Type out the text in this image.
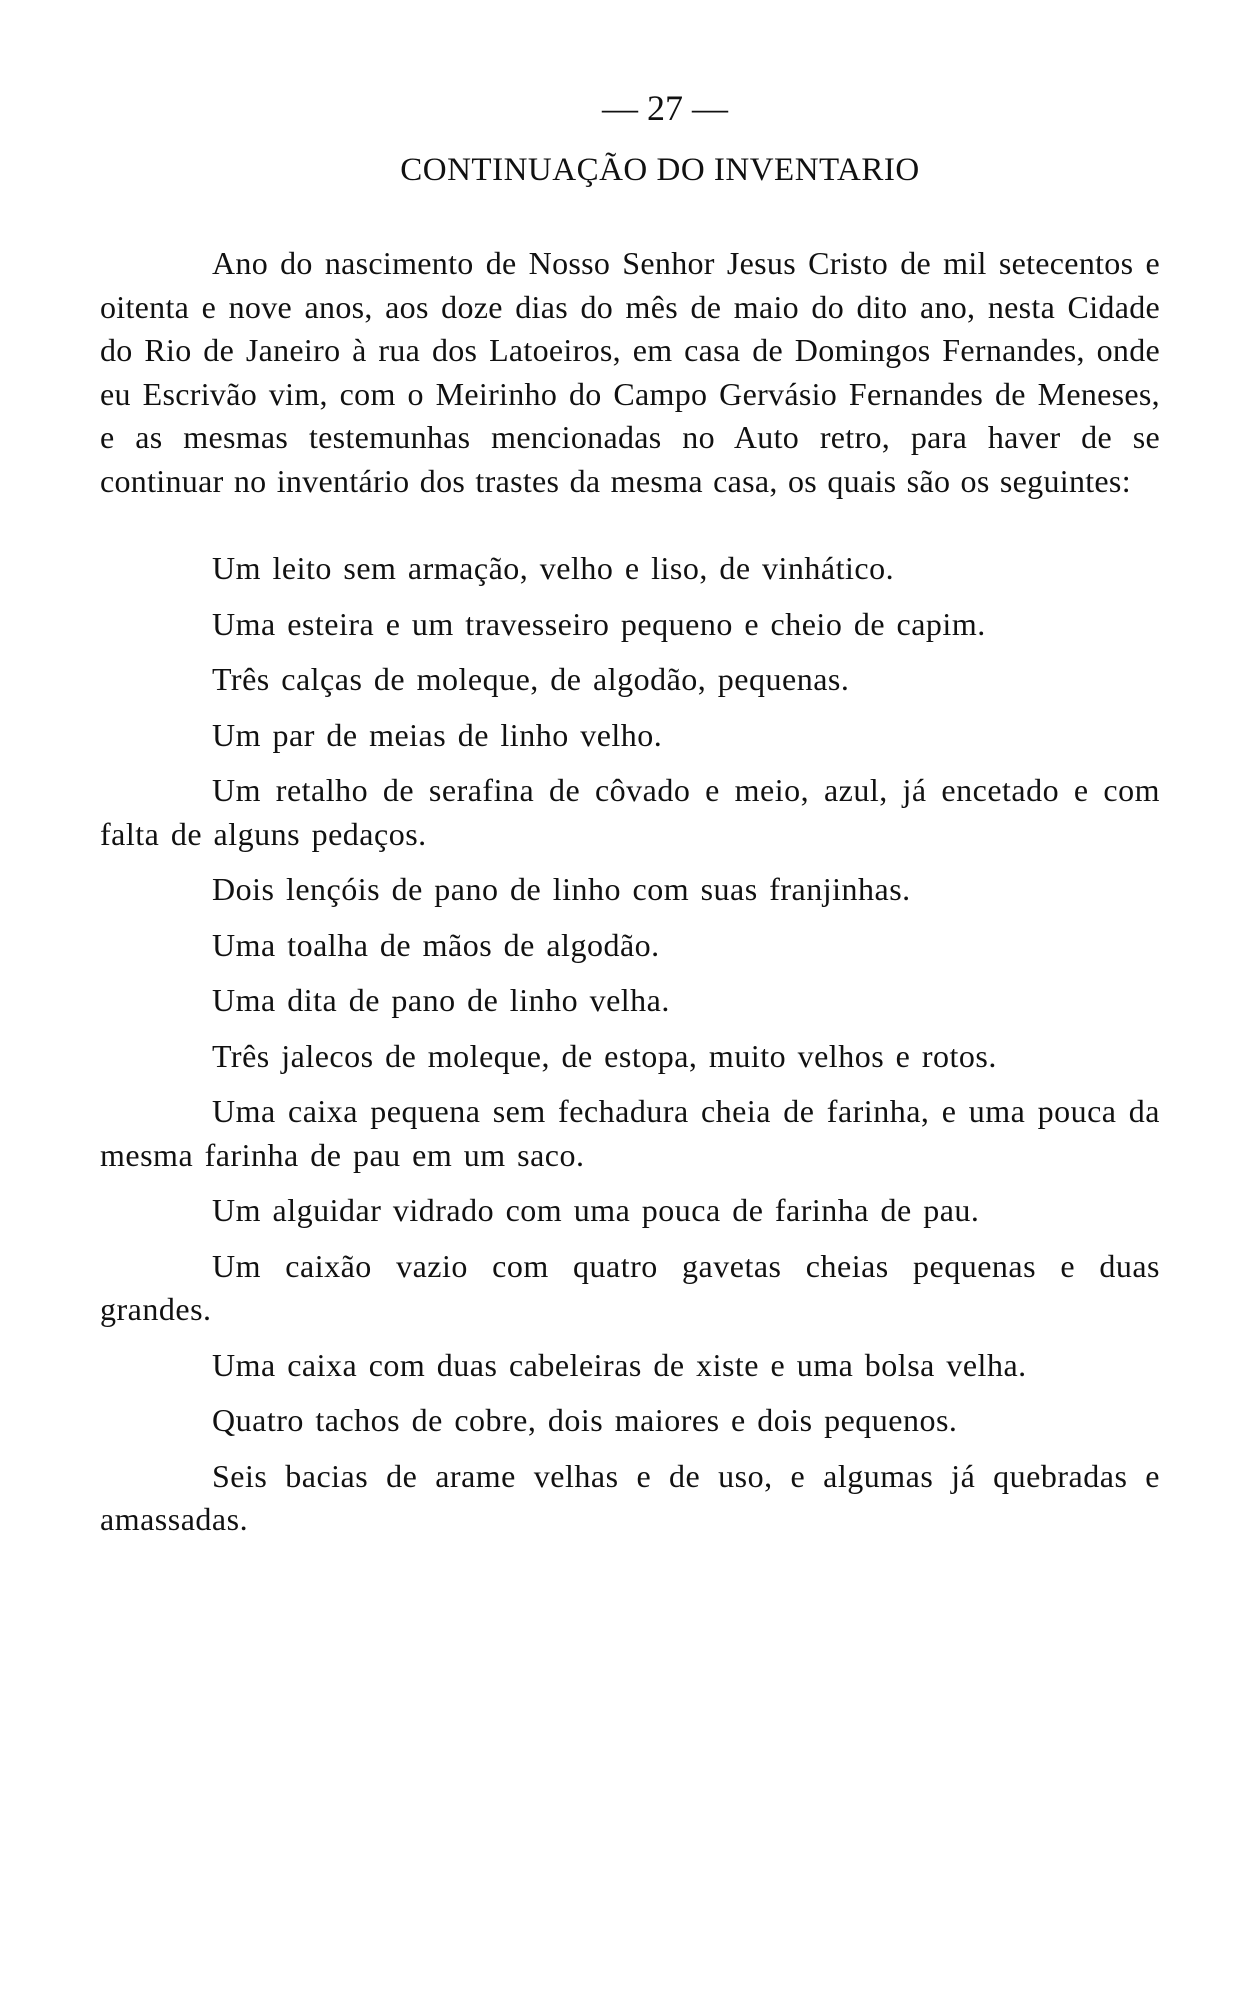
— 27 —
CONTINUAÇÃO DO INVENTARIO

Ano do nascimento de Nosso Senhor Jesus Cristo de mil setecentos e oitenta e nove anos, aos doze dias do mês de maio do dito ano, nesta Cidade do Rio de Janeiro à rua dos Latoeiros, em casa de Domingos Fernandes, onde eu Escrivão vim, com o Meirinho do Campo Gervásio Fernandes de Meneses, e as mesmas testemunhas mencionadas no Auto retro, para haver de se continuar no inventário dos trastes da mesma casa, os quais são os seguintes:

Um leito sem armação, velho e liso, de vinhático.

Uma esteira e um travesseiro pequeno e cheio de capim.

Três calças de moleque, de algodão, pequenas.

Um par de meias de linho velho.

Um retalho de serafina de côvado e meio, azul, já encetado e com falta de alguns pedaços.

Dois lençóis de pano de linho com suas franjinhas.

Uma toalha de mãos de algodão.

Uma dita de pano de linho velha.

Três jalecos de moleque, de estopa, muito velhos e rotos.

Uma caixa pequena sem fechadura cheia de farinha, e uma pouca da mesma farinha de pau em um saco.

Um alguidar vidrado com uma pouca de farinha de pau.

Um caixão vazio com quatro gavetas cheias pequenas e duas grandes.

Uma caixa com duas cabeleiras de xiste e uma bolsa velha.

Quatro tachos de cobre, dois maiores e dois pequenos.

Seis bacias de arame velhas e de uso, e algumas já quebradas e amassadas.
